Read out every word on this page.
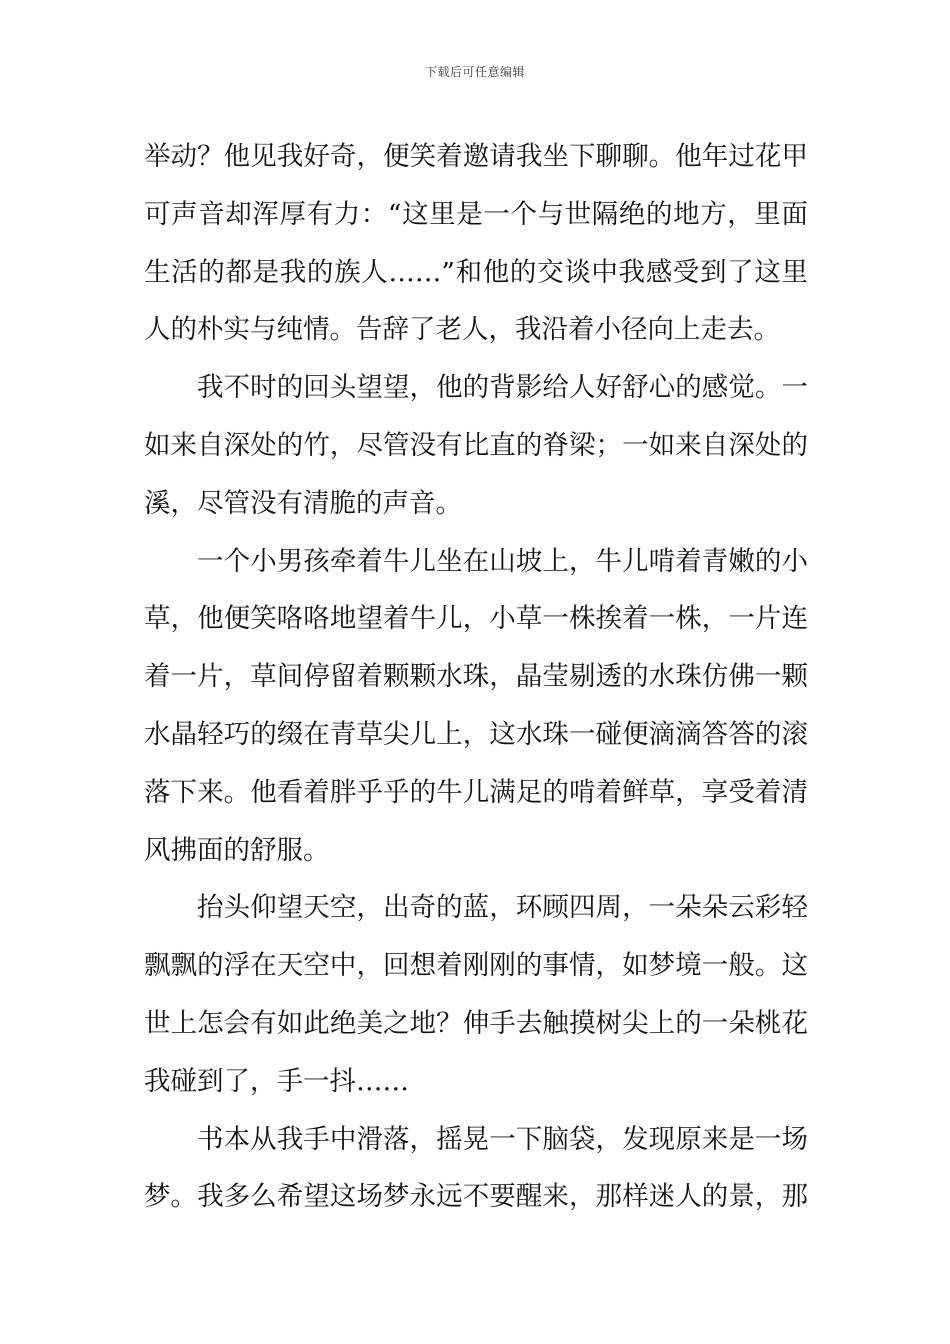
下载后可任意编辑
举动？他见我好奇，便笑着邀请我坐下聊聊。他年过花甲
可声音却浑厚有力：“这里是一个与世隔绝的地方，里面
生活的都是我的族人……”和他的交谈中我感受到了这里
人的朴实与纯情。告辞了老人，我沿着小径向上走去。
我不时的回头望望，他的背影给人好舒心的感觉。一
如来自深处的竹，尽管没有比直的脊梁；一如来自深处的
溪，尽管没有清脆的声音。
一个小男孩牵着牛儿坐在山坡上，牛儿啃着青嫩的小
草，他便笑咯咯地望着牛儿，小草一株挨着一株，一片连
着一片，草间停留着颗颗水珠，晶莹剔透的水珠仿佛一颗
水晶轻巧的缀在青草尖儿上，这水珠一碰便滴滴答答的滚
落下来。他看着胖乎乎的牛儿满足的啃着鲜草，享受着清
风拂面的舒服。
抬头仰望天空，出奇的蓝，环顾四周，一朵朵云彩轻
飘飘的浮在天空中，回想着刚刚的事情，如梦境一般。这
世上怎会有如此绝美之地？伸手去触摸树尖上的一朵桃花
我碰到了，手一抖……
书本从我手中滑落，摇晃一下脑袋，发现原来是一场
梦。我多么希望这场梦永远不要醒来，那样迷人的景，那
